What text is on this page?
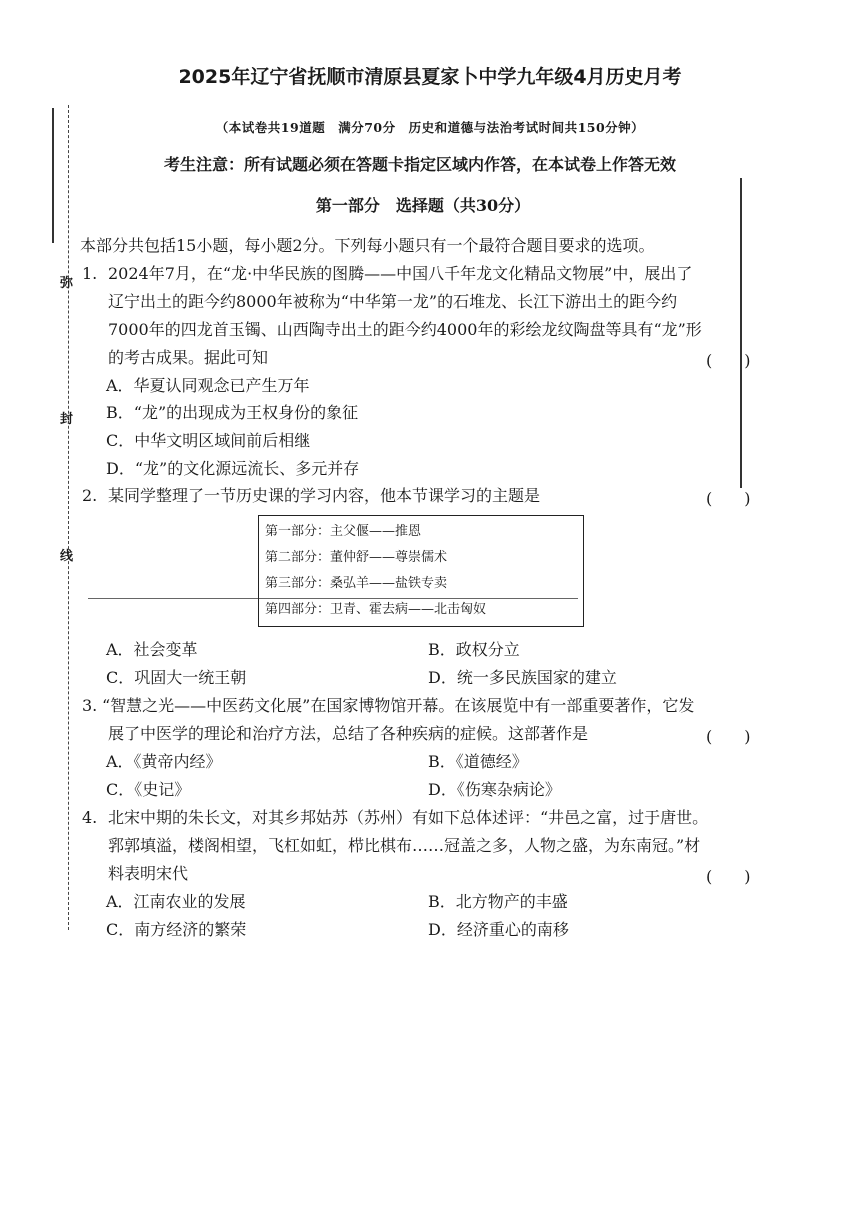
弥
封
线
2025年辽宁省抚顺市清原县夏家卜中学九年级4月历史月考
（本试卷共19道题　满分70分　历史和道德与法治考试时间共150分钟）
考生注意：所有试题必须在答题卡指定区域内作答，在本试卷上作答无效
第一部分　选择题（共30分）
本部分共包括15小题，每小题2分。下列每小题只有一个最符合题目要求的选项。
1. 2024年7月，在“龙·中华民族的图腾——中国八千年龙文化精品文物展”中，展出了
辽宁出土的距今约8000年被称为“中华第一龙”的石堆龙、长江下游出土的距今约
7000年的四龙首玉镯、山西陶寺出土的距今约4000年的彩绘龙纹陶盘等具有“龙”形
的考古成果。据此可知	(　　)
A．华夏认同观念已产生万年
B．“龙”的出现成为王权身份的象征
C．中华文明区域间前后相继
D．“龙”的文化源远流长、多元并存
2. 某同学整理了一节历史课的学习内容，他本节课学习的主题是	(　　)
第一部分：主父偃——推恩
第二部分：董仲舒——尊崇儒术
第三部分：桑弘羊——盐铁专卖
第四部分：卫青、霍去病——北击匈奴
A．社会变革	B．政权分立
C．巩固大一统王朝	D．统一多民族国家的建立
3. “智慧之光——中医药文化展”在国家博物馆开幕。在该展览中有一部重要著作，它发
展了中医学的理论和治疗方法，总结了各种疾病的症候。这部著作是	(　　)
A．《黄帝内经》	B．《道德经》
C．《史记》	D．《伤寒杂病论》
4. 北宋中期的朱长文，对其乡邦姑苏（苏州）有如下总体述评：“井邑之富，过于唐世。
郛郭填溢，楼阁相望，飞杠如虹，栉比棋布……冠盖之多，人物之盛，为东南冠。”材
料表明宋代	(　　)
A．江南农业的发展	B．北方物产的丰盛
C．南方经济的繁荣	D．经济重心的南移
